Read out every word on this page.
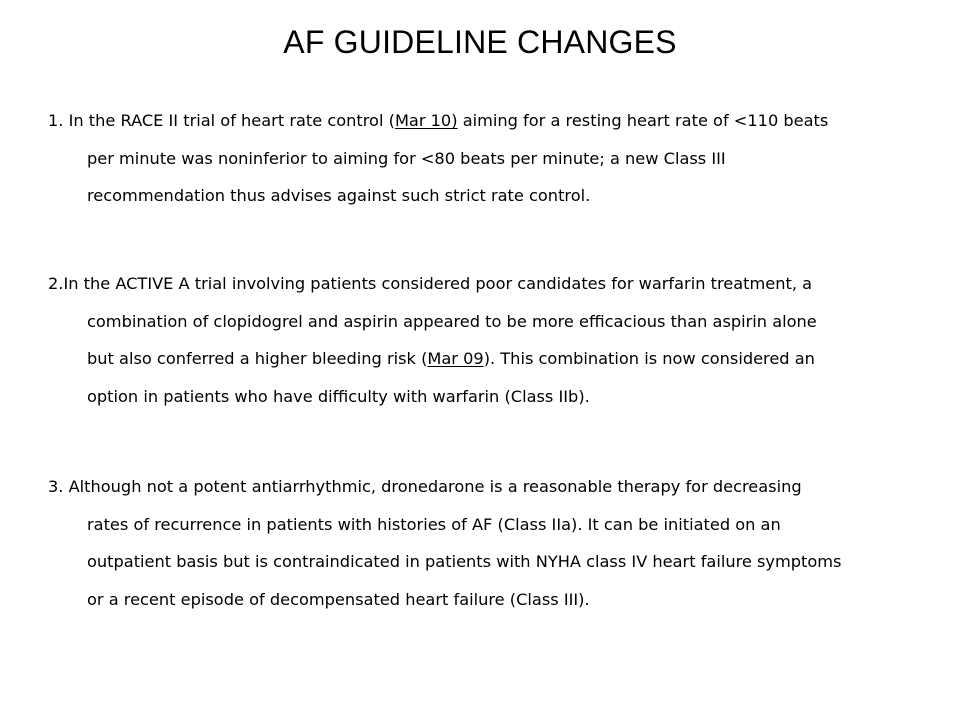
AF GUIDELINE CHANGES
1. In the RACE II trial of heart rate control (Mar 10) aiming for a resting heart rate of <110 beats
per minute was noninferior to aiming for <80 beats per minute; a new Class III
recommendation thus advises against such strict rate control.
2.In the ACTIVE A trial involving patients considered poor candidates for warfarin treatment, a
combination of clopidogrel and aspirin appeared to be more efficacious than aspirin alone
but also conferred a higher bleeding risk (Mar 09). This combination is now considered an
option in patients who have difficulty with warfarin (Class IIb).
3. Although not a potent antiarrhythmic, dronedarone is a reasonable therapy for decreasing
rates of recurrence in patients with histories of AF (Class IIa). It can be initiated on an
outpatient basis but is contraindicated in patients with NYHA class IV heart failure symptoms
or a recent episode of decompensated heart failure (Class III).
